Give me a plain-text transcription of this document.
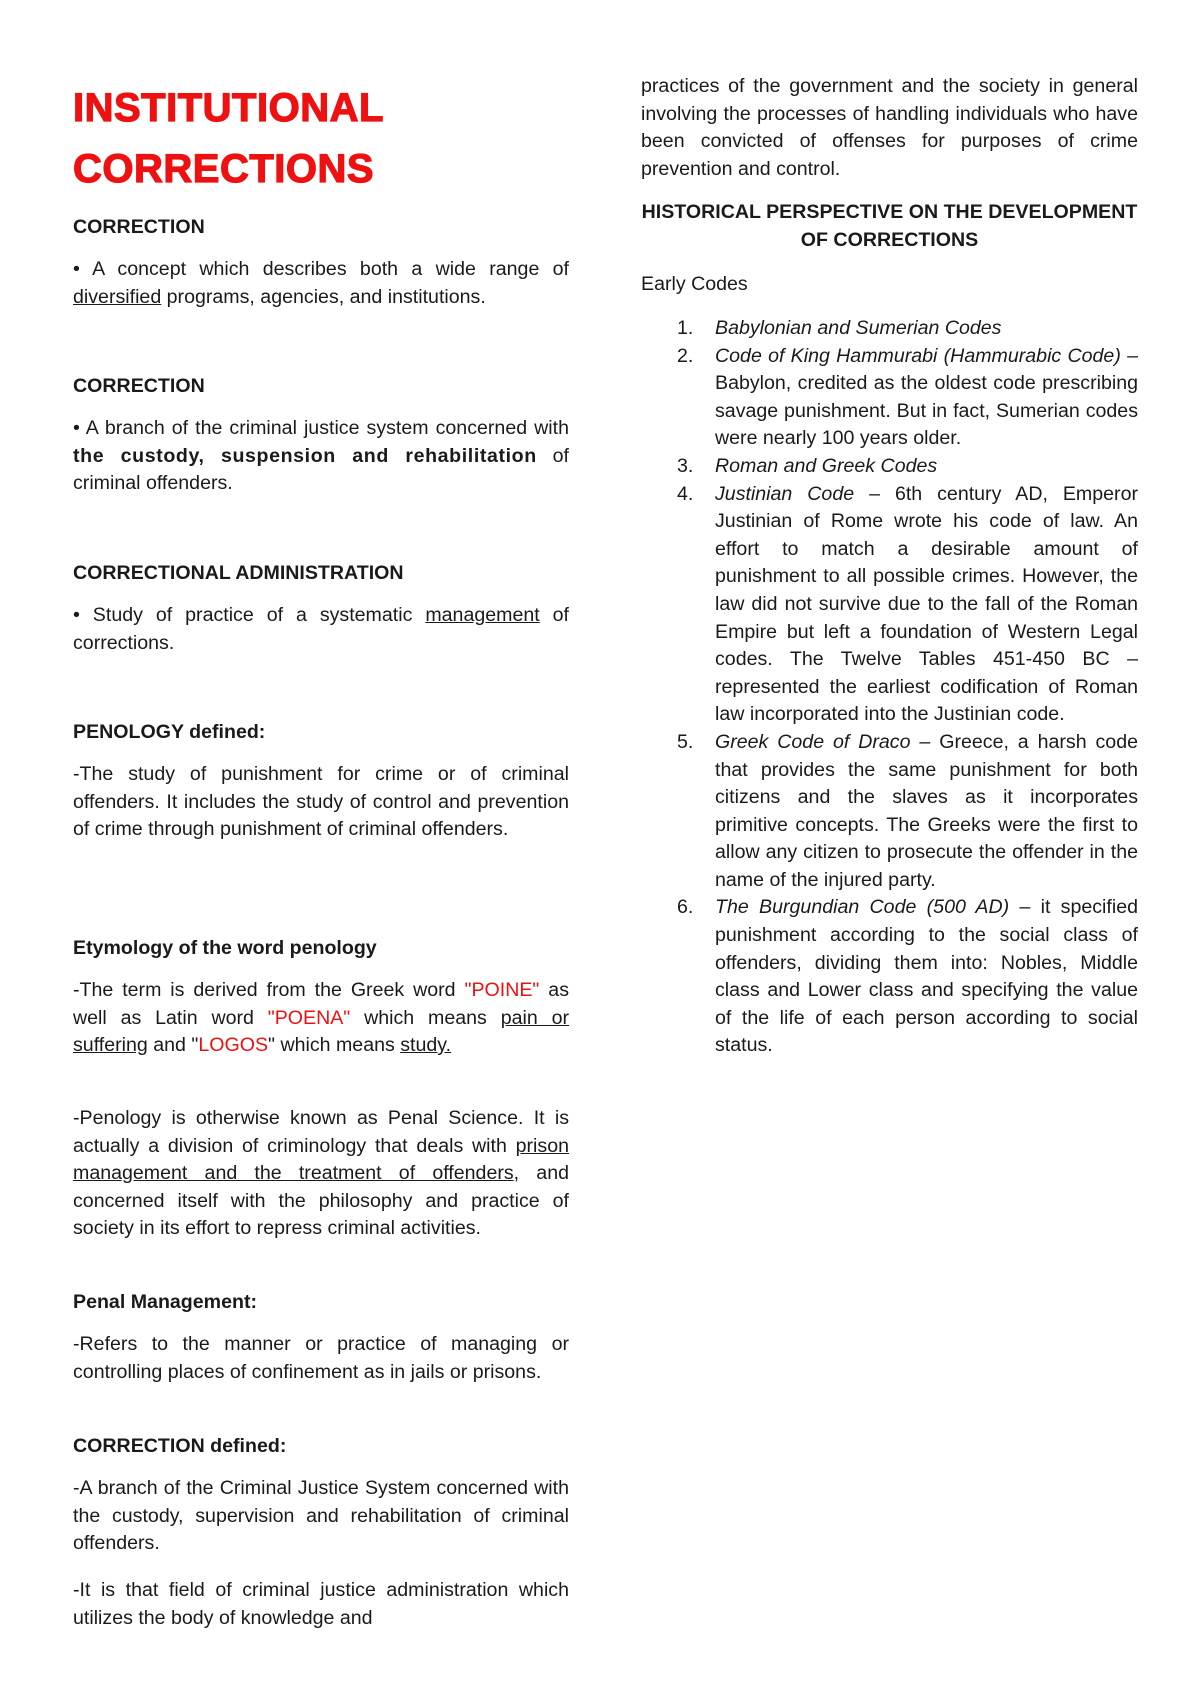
INSTITUTIONAL
CORRECTIONS
CORRECTION

• A concept which describes both a wide range of diversified programs, agencies, and institutions.

CORRECTION

• A branch of the criminal justice system concerned with the custody, suspension and rehabilitation of criminal offenders.

CORRECTIONAL ADMINISTRATION

• Study of practice of a systematic management of corrections.

PENOLOGY defined:

-The study of punishment for crime or of criminal offenders. It includes the study of control and prevention of crime through punishment of criminal offenders.

Etymology of the word penology

-The term is derived from the Greek word "POINE" as well as Latin word "POENA" which means pain or suffering and "LOGOS" which means study.

-Penology is otherwise known as Penal Science. It is actually a division of criminology that deals with prison management and the treatment of offenders, and concerned itself with the philosophy and practice of society in its effort to repress criminal activities.

Penal Management:

-Refers to the manner or practice of managing or controlling places of confinement as in jails or prisons.

CORRECTION defined:

-A branch of the Criminal Justice System concerned with the custody, supervision and rehabilitation of criminal offenders.

-It is that field of criminal justice administration which utilizes the body of knowledge and

practices of the government and the society in general involving the processes of handling individuals who have been convicted of offenses for purposes of crime prevention and control.

HISTORICAL PERSPECTIVE ON THE DEVELOPMENT OF CORRECTIONS
Early Codes
1. Babylonian and Sumerian Codes
2. Code of King Hammurabi (Hammurabic Code) – Babylon, credited as the oldest code prescribing savage punishment. But in fact, Sumerian codes were nearly 100 years older.
3. Roman and Greek Codes
4. Justinian Code – 6th century AD, Emperor Justinian of Rome wrote his code of law. An effort to match a desirable amount of punishment to all possible crimes. However, the law did not survive due to the fall of the Roman Empire but left a foundation of Western Legal codes. The Twelve Tables 451-450 BC – represented the earliest codification of Roman law incorporated into the Justinian code.
5. Greek Code of Draco – Greece, a harsh code that provides the same punishment for both citizens and the slaves as it incorporates primitive concepts. The Greeks were the first to allow any citizen to prosecute the offender in the name of the injured party.
6. The Burgundian Code (500 AD) – it specified punishment according to the social class of offenders, dividing them into: Nobles, Middle class and Lower class and specifying the value of the life of each person according to social status.
